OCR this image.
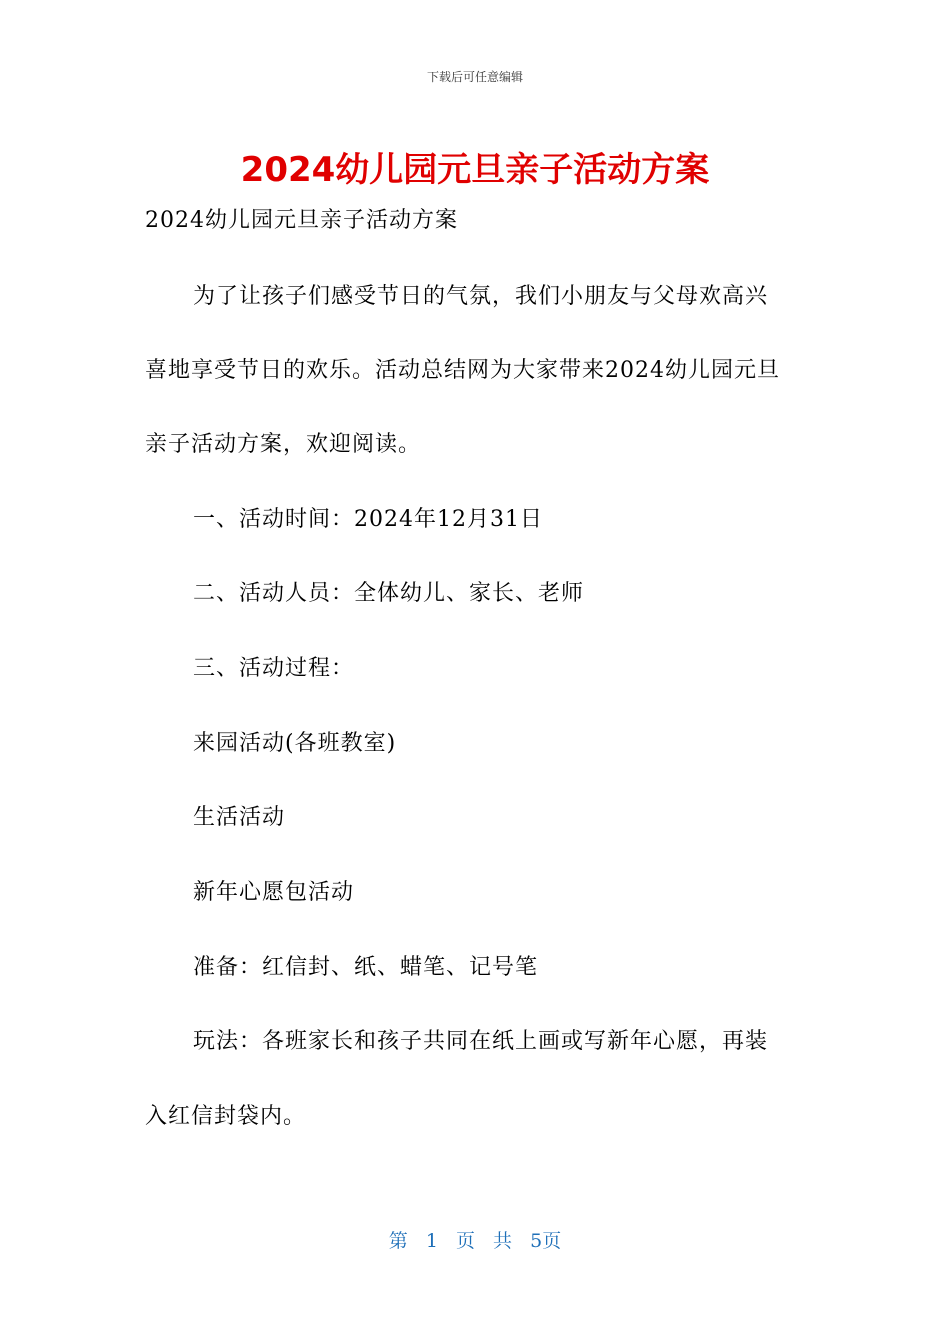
下载后可任意编辑
2024幼儿园元旦亲子活动方案
2024幼儿园元旦亲子活动方案
为了让孩子们感受节日的气氛，我们小朋友与父母欢高兴
喜地享受节日的欢乐。活动总结网为大家带来2024幼儿园元旦
亲子活动方案，欢迎阅读。
一、活动时间：2024年12月31日
二、活动人员：全体幼儿、家长、老师
三、活动过程：
来园活动(各班教室)
生活活动
新年心愿包活动
准备：红信封、纸、蜡笔、记号笔
玩法：各班家长和孩子共同在纸上画或写新年心愿，再装
入红信封袋内。
第 1 页 共 5页
